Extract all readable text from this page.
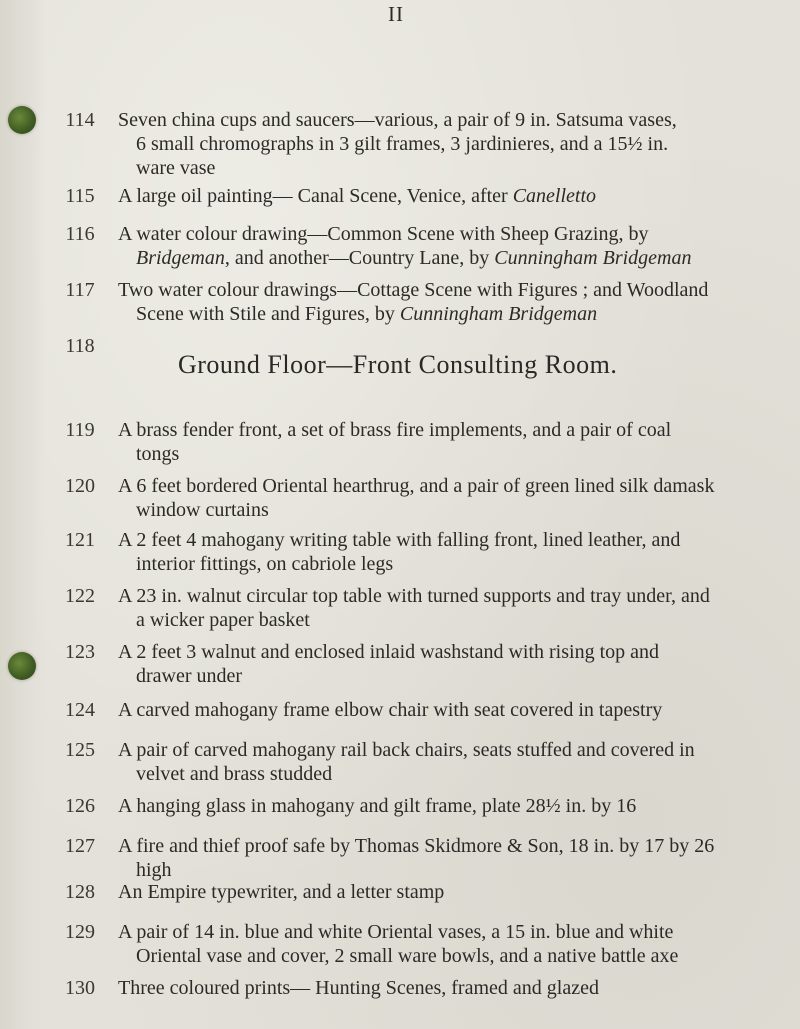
II
114	Seven china cups and saucers—various, a pair of 9 in. Satsuma vases,
6 small chromographs in 3 gilt frames, 3 jardinieres, and a 15½ in.
ware vase
115	A large oil painting— Canal Scene, Venice, after Canelletto
116	A water colour drawing—Common Scene with Sheep Grazing, by
Bridgeman, and another—Country Lane, by Cunningham Bridgeman
117	Two water colour drawings—Cottage Scene with Figures ; and Woodland
Scene with Stile and Figures, by Cunningham Bridgeman
118
Ground Floor—Front Consulting Room.
119	A brass fender front, a set of brass fire implements, and a pair of coal
tongs
120	A 6 feet bordered Oriental hearthrug, and a pair of green lined silk damask
window curtains
121	A 2 feet 4 mahogany writing table with falling front, lined leather, and
interior fittings, on cabriole legs
122	A 23 in. walnut circular top table with turned supports and tray under, and
a wicker paper basket
123	A 2 feet 3 walnut and enclosed inlaid washstand with rising top and
drawer under
124	A carved mahogany frame elbow chair with seat covered in tapestry
125	A pair of carved mahogany rail back chairs, seats stuffed and covered in
velvet and brass studded
126	A hanging glass in mahogany and gilt frame, plate 28½ in. by 16
127	A fire and thief proof safe by Thomas Skidmore & Son, 18 in. by 17 by 26
high
128	An Empire typewriter, and a letter stamp
129	A pair of 14 in. blue and white Oriental vases, a 15 in. blue and white
Oriental vase and cover, 2 small ware bowls, and a native battle axe
130	Three coloured prints— Hunting Scenes, framed and glazed
